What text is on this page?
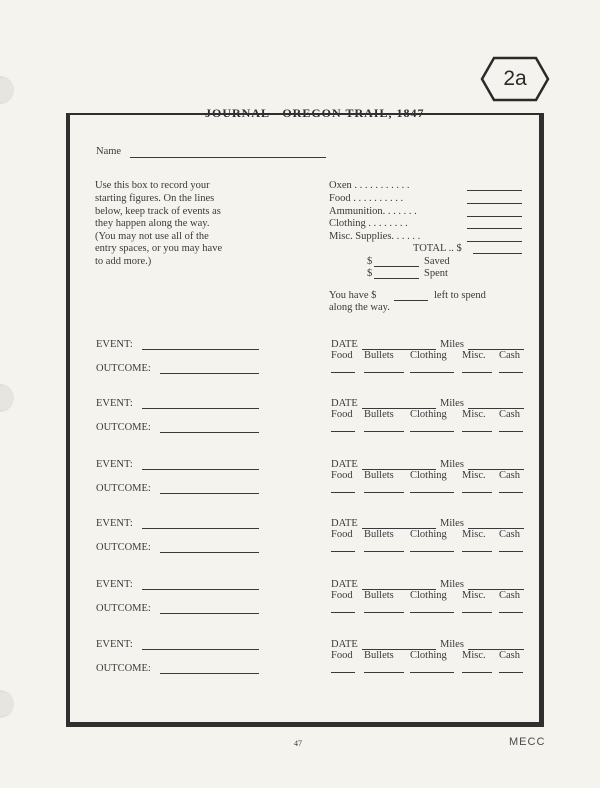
2a
JOURNAL - OREGON TRAIL, 1847
Name
Use this box to record your
starting figures. On the lines
below, keep track of events as
they happen along the way.
(You may not use all of the
entry spaces, or you may have
to add more.)
Oxen . . . . . . . . . . .
Food . . . . . . . . . .
Ammunition. . . . . . .
Clothing . . . . . . . .
Misc. Supplies. . . . . .
TOTAL .. $
$	Saved
$	Spent
You have $	left to spend
along the way.
EVENT:
OUTCOME:
DATE	Miles
Food Bullets Clothing Misc. Cash
EVENT:
OUTCOME:
DATE	Miles
Food Bullets Clothing Misc. Cash
EVENT:
OUTCOME:
DATE	Miles
Food Bullets Clothing Misc. Cash
EVENT:
OUTCOME:
DATE	Miles
Food Bullets Clothing Misc. Cash
EVENT:
OUTCOME:
DATE	Miles
Food Bullets Clothing Misc. Cash
EVENT:
OUTCOME:
DATE	Miles
Food Bullets Clothing Misc. Cash
47	MECC
